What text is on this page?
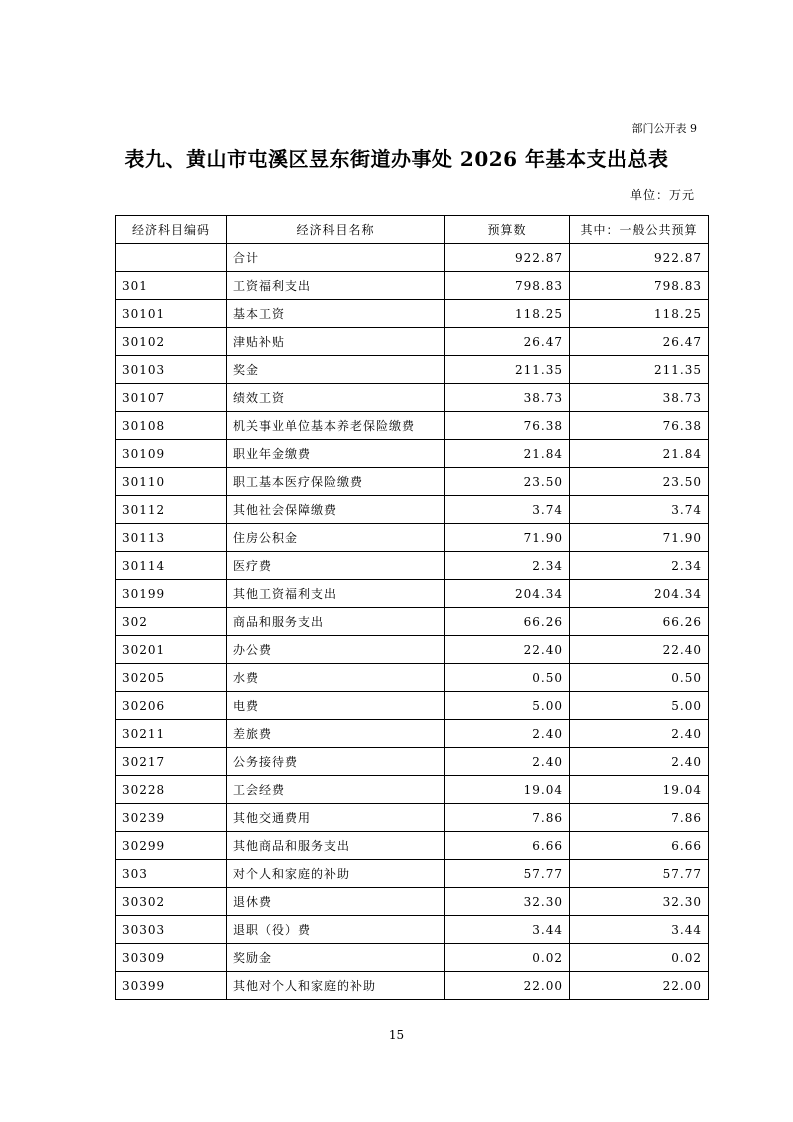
部门公开表 9
表九、黄山市屯溪区昱东街道办事处 2026 年基本支出总表
单位：万元
经济科目编码	经济科目名称	预算数	其中：一般公共预算
	合计	922.87	922.87
301	工资福利支出	798.83	798.83
30101	基本工资	118.25	118.25
30102	津贴补贴	26.47	26.47
30103	奖金	211.35	211.35
30107	绩效工资	38.73	38.73
30108	机关事业单位基本养老保险缴费	76.38	76.38
30109	职业年金缴费	21.84	21.84
30110	职工基本医疗保险缴费	23.50	23.50
30112	其他社会保障缴费	3.74	3.74
30113	住房公积金	71.90	71.90
30114	医疗费	2.34	2.34
30199	其他工资福利支出	204.34	204.34
302	商品和服务支出	66.26	66.26
30201	办公费	22.40	22.40
30205	水费	0.50	0.50
30206	电费	5.00	5.00
30211	差旅费	2.40	2.40
30217	公务接待费	2.40	2.40
30228	工会经费	19.04	19.04
30239	其他交通费用	7.86	7.86
30299	其他商品和服务支出	6.66	6.66
303	对个人和家庭的补助	57.77	57.77
30302	退休费	32.30	32.30
30303	退职（役）费	3.44	3.44
30309	奖励金	0.02	0.02
30399	其他对个人和家庭的补助	22.00	22.00
15
